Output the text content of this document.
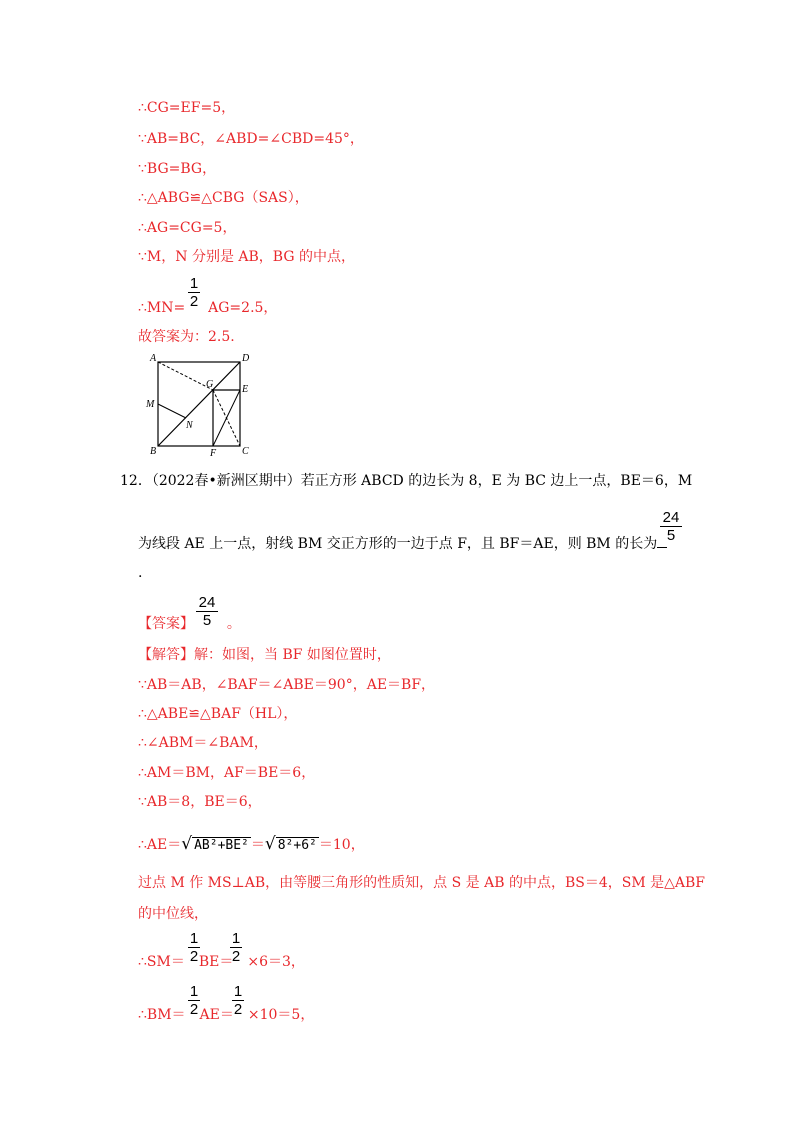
∴CG=EF=5，
∵AB=BC，∠ABD=∠CBD=45°，
∵BG=BG，
∴△ABG≌△CBG（SAS），
∴AG=CG=5，
∵M，N 分别是 AB，BG 的中点，
∴MN= AG=2.5，
1
2
故答案为：2.5.
A	D
G	E
M
N
B	F	C
12．（2022春•新洲区期中）若正方形 ABCD 的边长为 8，E 为 BC 边上一点，BE＝6，M
为线段 AE 上一点，射线 BM 交正方形的一边于点 F，且 BF＝AE，则 BM 的长为
24
5
.
【答案】 。
24
5
【解答】解：如图，当 BF 如图位置时，
∵AB＝AB，∠BAF＝∠ABE＝90°，AE＝BF，
∴△ABE≌△BAF（HL），
∴∠ABM＝∠BAM，
∴AM＝BM，AF＝BE＝6，
∵AB＝8，BE＝6，
∴AE＝√ AB²+BE² ＝√ 8²+6² ＝10，
过点 M 作 MS⊥AB，由等腰三角形的性质知，点 S 是 AB 的中点，BS＝4，SM 是△ABF
的中位线，
∴SM＝ BE＝ ×6＝3，
1
2
1
2
∴BM＝ AE＝ ×10＝5，
1
2
1
2
